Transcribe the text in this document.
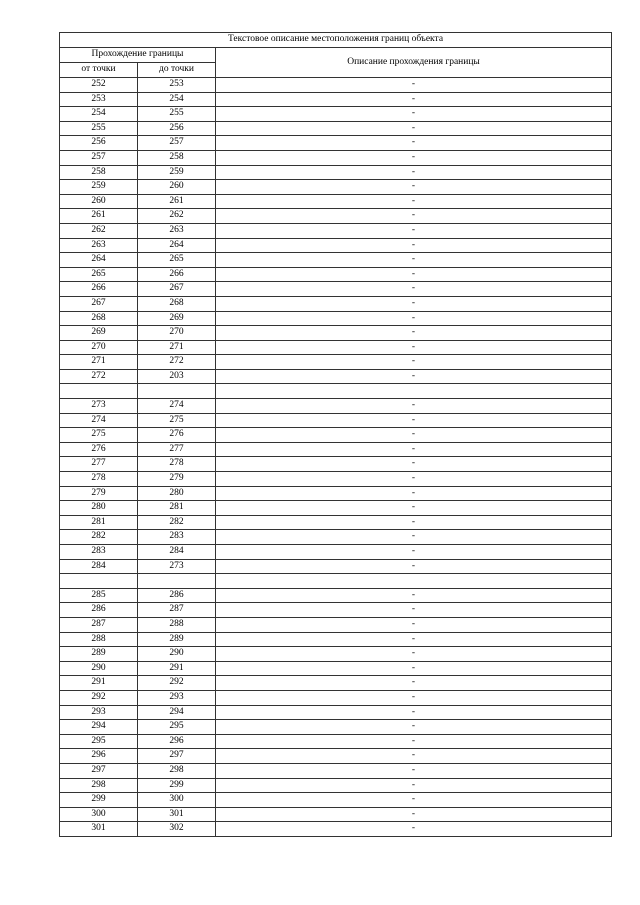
Текстовое описание местоположения границ объекта		
Прохождение границы		Описание прохождения границы
от точки	до точки	
252	253	-
253	254	-
254	255	-
255	256	-
256	257	-
257	258	-
258	259	-
259	260	-
260	261	-
261	262	-
262	263	-
263	264	-
264	265	-
265	266	-
266	267	-
267	268	-
268	269	-
269	270	-
270	271	-
271	272	-
272	203	-

273	274	-
274	275	-
275	276	-
276	277	-
277	278	-
278	279	-
279	280	-
280	281	-
281	282	-
282	283	-
283	284	-
284	273	-

285	286	-
286	287	-
287	288	-
288	289	-
289	290	-
290	291	-
291	292	-
292	293	-
293	294	-
294	295	-
295	296	-
296	297	-
297	298	-
298	299	-
299	300	-
300	301	-
301	302	-
